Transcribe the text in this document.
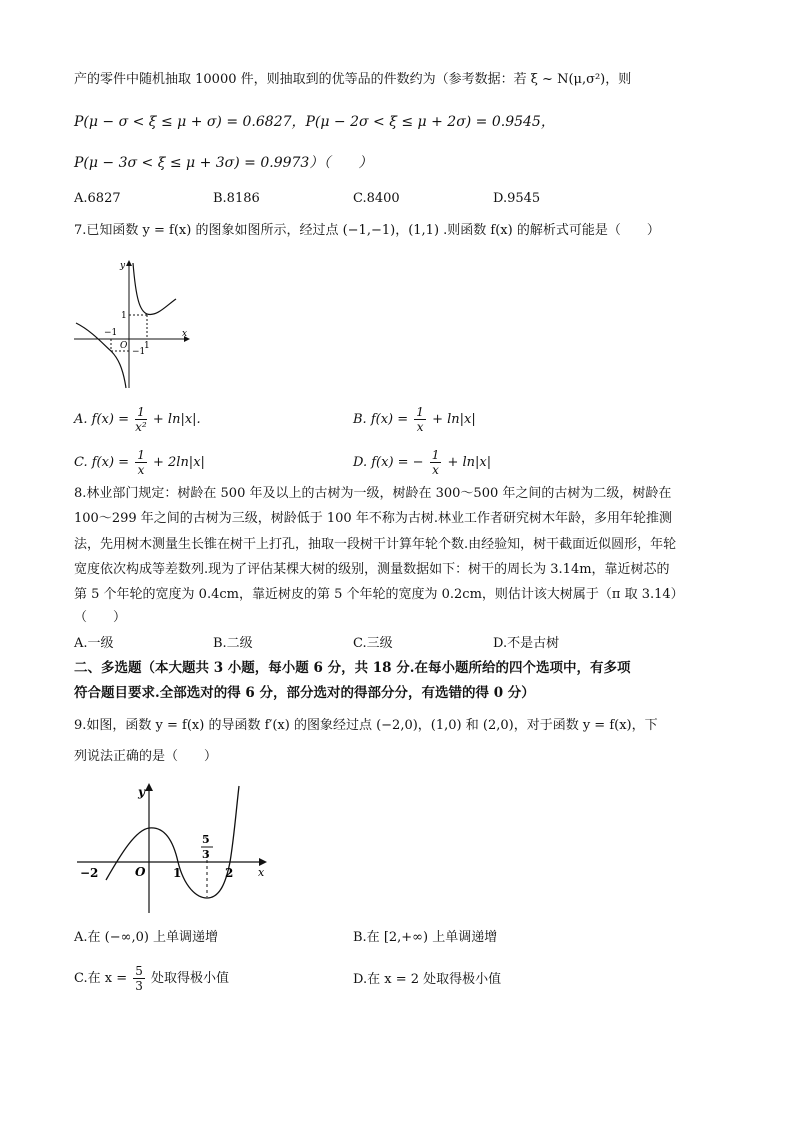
产的零件中随机抽取 10000 件，则抽取到的优等品的件数约为（参考数据：若 ξ ~ N(μ,σ²)，则
P(μ − σ < ξ ≤ μ + σ) = 0.6827，P(μ − 2σ < ξ ≤ μ + 2σ) = 0.9545，
P(μ − 3σ < ξ ≤ μ + 3σ) = 0.9973）（　　）
A.6827	B.8186	C.8400	D.9545
7.已知函数 y = f(x) 的图象如图所示，经过点 (−1,−1)，(1,1) .则函数 f(x) 的解析式可能是（　　）
y
x
O
1
−1
1
−1
A. $f(x) = \frac{1}{\text{x²}} + \ln|x|$.	B. $f(x) = \frac{1}{x} + \ln|x|$
C. $f(x) = \frac{1}{x} + 2\ln|x|$	D. f(x) = − $\frac{1}{x} + \ln|x|$
8.林业部门规定：树龄在 500 年及以上的古树为一级，树龄在 300～500 年之间的古树为二级，树龄在
100～299 年之间的古树为三级，树龄低于 100 年不称为古树.林业工作者研究树木年龄，多用年轮推测
法，先用树木测量生长锥在树干上打孔，抽取一段树干计算年轮个数.由经验知，树干截面近似圆形，年轮
宽度依次构成等差数列.现为了评估某棵大树的级别，测量数据如下：树干的周长为 3.14m，靠近树芯的
第 5 个年轮的宽度为 0.4cm，靠近树皮的第 5 个年轮的宽度为 0.2cm，则估计该大树属于（π 取 3.14）
（　　）
A.一级	B.二级	C.三级	D.不是古树
二、多选题（本大题共 3 小题，每小题 6 分，共 18 分.在每小题所给的四个选项中，有多项
符合题目要求.全部选对的得 6 分，部分选对的得部分分，有选错的得 0 分）
9.如图，函数 y = f(x) 的导函数 f′(x) 的图象经过点 (−2,0)，(1,0) 和 (2,0)，对于函数 y = f(x)，下
列说法正确的是（　　）
y
x
O
−2	1	2
5
3
A.在 (−∞,0) 上单调递增	B.在 [2,+∞) 上单调递增
C.在 $x = \frac{5}{3}$ 处取得极小值	D.在 x = 2 处取得极小值
